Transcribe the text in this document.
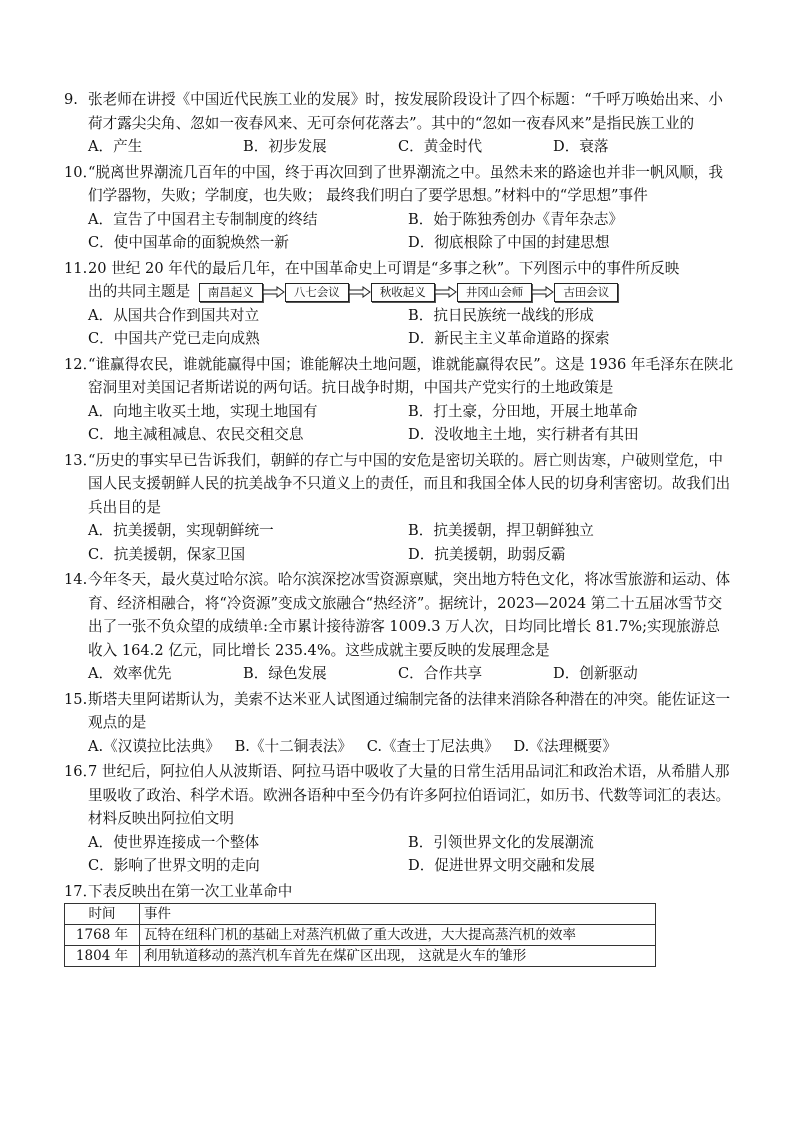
9. 张老师在讲授《中国近代民族工业的发展》时，按发展阶段设计了四个标题：“千呼万唤始出来、小荷才露尖尖角、忽如一夜春风来、无可奈何花落去”。其中的“忽如一夜春风来”是指民族工业的
A．产生	B．初步发展	C．黄金时代	D．衰落
10．
“脱离世界潮流几百年的中国，终于再次回到了世界潮流之中。虽然未来的路途也并非一帆风顺，我们学器物，失败；学制度，也失败； 最终我们明白了要学思想。”材料中的“学思想”事件
A．宣告了中国君主专制制度的终结	B．始于陈独秀创办《青年杂志》
C．使中国革命的面貌焕然一新	D．彻底根除了中国的封建思想
11. 20 世纪 20 年代的最后几年，在中国革命史上可谓是“多事之秋”。下列图示中的事件所反映
出的共同主题是	南昌起义	八七会议	秋收起义	井冈山会师	古田会议
A．从国共合作到国共对立	B．抗日民族统一战线的形成
C．中国共产党已走向成熟	D．新民主主义革命道路的探索
12．
“谁赢得农民，谁就能赢得中国；谁能解决土地问题，谁就能赢得农民”。这是 1936 年毛泽东在陕北窑洞里对美国记者斯诺说的两句话。抗日战争时期，中国共产党实行的土地政策是
A．向地主收买土地，实现土地国有	B．打土豪，分田地，开展土地革命
C．地主减租减息、农民交租交息	D．没收地主土地，实行耕者有其田
13．
“历史的事实早已告诉我们，朝鲜的存亡与中国的安危是密切关联的。唇亡则齿寒，户破则堂危，中国人民支援朝鲜人民的抗美战争不只道义上的责任，而且和我国全体人民的切身利害密切。故我们出兵出目的是
A．抗美援朝，实现朝鲜统一	B．抗美援朝，捍卫朝鲜独立
C．抗美援朝，保家卫国	D．抗美援朝，助弱反霸
14. 今年冬天，最火莫过哈尔滨。哈尔滨深挖冰雪资源禀赋，突出地方特色文化，将冰雪旅游和运动、体育、经济相融合，将“冷资源”变成文旅融合“热经济”。据统计，2023—2024 第二十五届冰雪节交出了一张不负众望的成绩单:全市累计接待游客 1009.3 万人次，日均同比增长 81.7%;实现旅游总收入 164.2 亿元，同比增长 235.4%。这些成就主要反映的发展理念是
A．效率优先	B．绿色发展	C．合作共享	D．创新驱动
15. 斯塔夫里阿诺斯认为，美索不达米亚人试图通过编制完备的法律来消除各种潜在的冲突。能佐证这一观点的是
A.《汉谟拉比法典》 B.《十二铜表法》 C.《查士丁尼法典》 D.《法理概要》
16．
7 世纪后，阿拉伯人从波斯语、阿拉马语中吸收了大量的日常生活用品词汇和政治术语，从希腊人那里吸收了政治、科学术语。欧洲各语种中至今仍有许多阿拉伯语词汇，如历书、代数等词汇的表达。材料反映出阿拉伯文明
A．使世界连接成一个整体	B．引领世界文化的发展潮流
C．影响了世界文明的走向	D．促进世界文明交融和发展
17．
下表反映出在第一次工业革命中
时间	事件
1768 年	瓦特在纽科门机的基础上对蒸汽机做了重大改进，大大提高蒸汽机的效率
1804 年	利用轨道移动的蒸汽机车首先在煤矿区出现， 这就是火车的雏形
